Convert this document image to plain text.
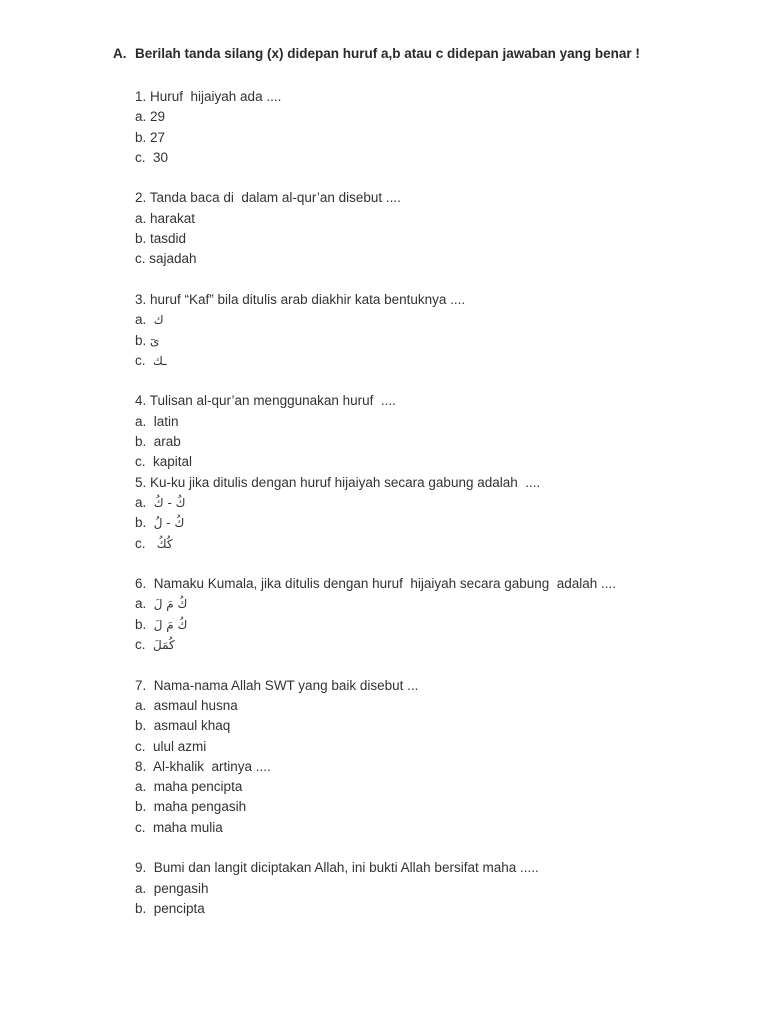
A. Berilah tanda silang (x) didepan huruf a,b atau c didepan jawaban yang benar !
1. Huruf  hijaiyah ada ....
a. 29
b. 27
c.  30
2. Tanda baca di  dalam al-qur’an disebut ....
a. harakat
b. tasdid
c. sajadah
3. huruf “Kaf” bila ditulis arab diakhir kata bentuknya ....
a.  ك
b. ىٓ
c.  ـك
4. Tulisan al-qur’an menggunakan huruf  ....
a.  latin
b.  arab
c.  kapital
5. Ku-ku jika ditulis dengan huruf hijaiyah secara gabung adalah  ....
a.  كُ - كُ
b.  كُ - لُ
c.   كُكُ
6.  Namaku Kumala, jika ditulis dengan huruf  hijaiyah secara gabung  adalah ....
a.  كُ مَ لَ
b.  كُ مَ لَ
c.  كُمَلَ
7.  Nama-nama Allah SWT yang baik disebut ...
a.  asmaul husna
b.  asmaul khaq
c.  ulul azmi
8.  Al-khalik  artinya ....
a.  maha pencipta
b.  maha pengasih
c.  maha mulia
9.  Bumi dan langit diciptakan Allah, ini bukti Allah bersifat maha .....
a.  pengasih
b.  pencipta
